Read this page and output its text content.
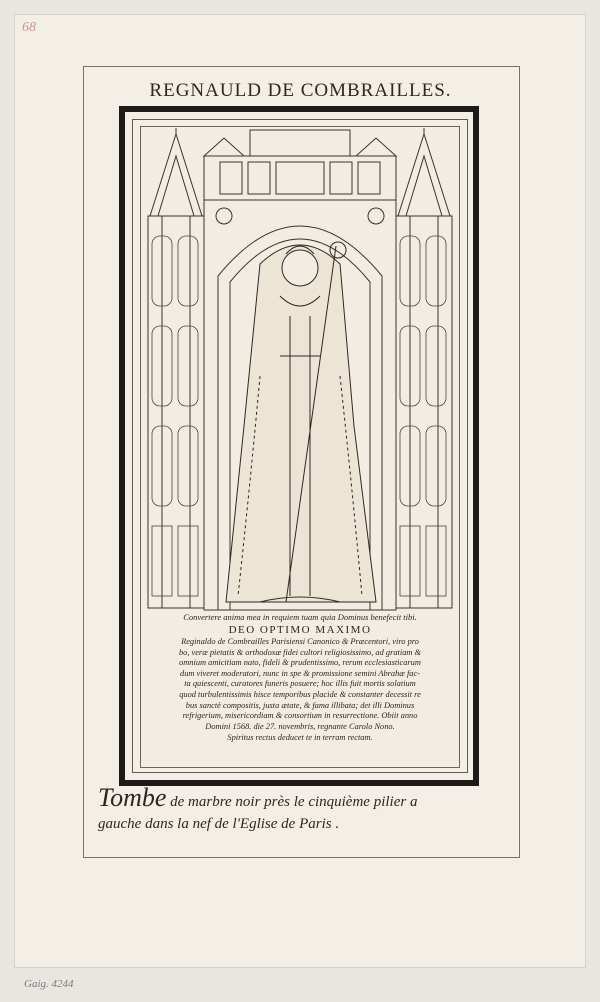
68
REGNAULD DE COMBRAILLES.
Convertere anima mea in requiem tuam quia Dominus benefecit tibi.
DEO OPTIMO MAXIMO
Reginaldo de Combrailles Parisiensi Canonico & Præcentori, viro pro
bo, veræ pietatis & orthodoxæ fidei cultori religiosissimo, ad gratiam &
omnium amicitiam nato, fideli & prudentissimo, rerum ecclesiasticarum
dum viveret moderatori, nunc in spe & promissione semini Abrahæ fac-
ta quiescenti, curatores funeris posuere; hoc illis fuit mortis solatium
quod turbulentissimis hisce temporibus placide & constanter decessit re
bus sanctè compositis, justa ætate, & fama illibata; det illi Dominus
refrigerium, misericordiam & consortium in resurrectione. Obiit anno
Domini 1568. die 27. novembris, regnante Carolo Nono.
Spiritus rectus deducet te in terram rectam.
Tombe de marbre noir près le cinquième pilier a
gauche dans la nef de l'Eglise de Paris .
Gaig. 4244
